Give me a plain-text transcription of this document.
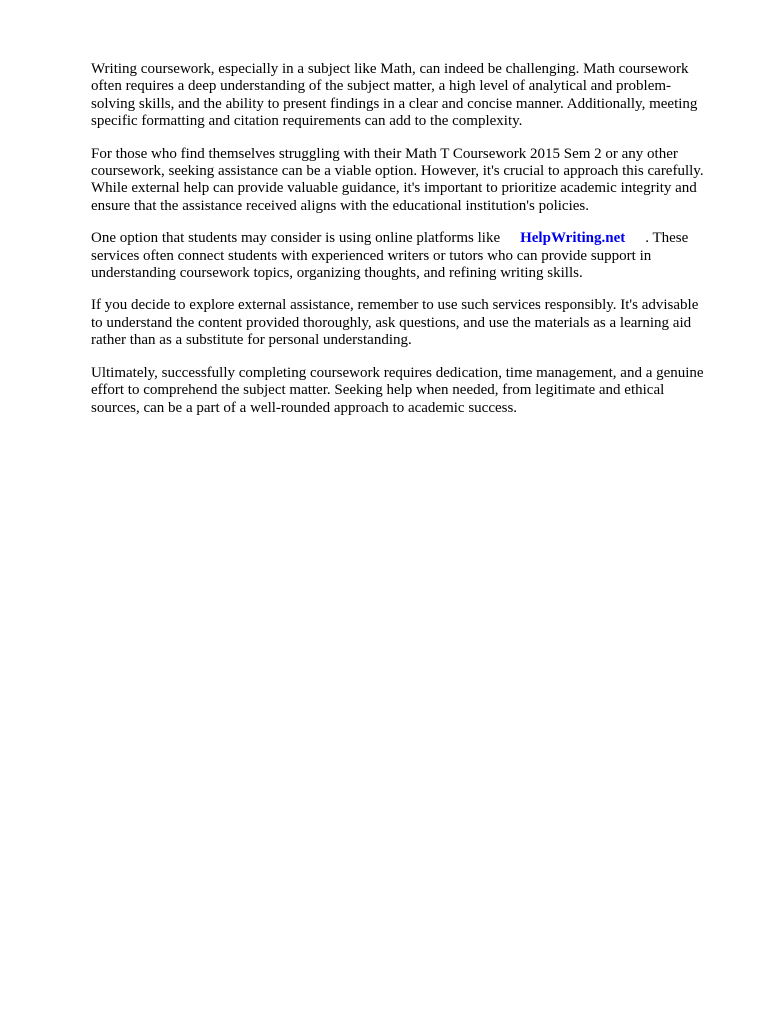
Writing coursework, especially in a subject like Math, can indeed be challenging. Math coursework
often requires a deep understanding of the subject matter, a high level of analytical and problem-
solving skills, and the ability to present findings in a clear and concise manner. Additionally, meeting
specific formatting and citation requirements can add to the complexity.

For those who find themselves struggling with their Math T Coursework 2015 Sem 2 or any other
coursework, seeking assistance can be a viable option. However, it's crucial to approach this carefully.
While external help can provide valuable guidance, it's important to prioritize academic integrity and
ensure that the assistance received aligns with the educational institution's policies.

One option that students may consider is using online platforms like HelpWriting.net . These
services often connect students with experienced writers or tutors who can provide support in
understanding coursework topics, organizing thoughts, and refining writing skills.

If you decide to explore external assistance, remember to use such services responsibly. It's advisable
to understand the content provided thoroughly, ask questions, and use the materials as a learning aid
rather than as a substitute for personal understanding.

Ultimately, successfully completing coursework requires dedication, time management, and a genuine
effort to comprehend the subject matter. Seeking help when needed, from legitimate and ethical
sources, can be a part of a well-rounded approach to academic success.
